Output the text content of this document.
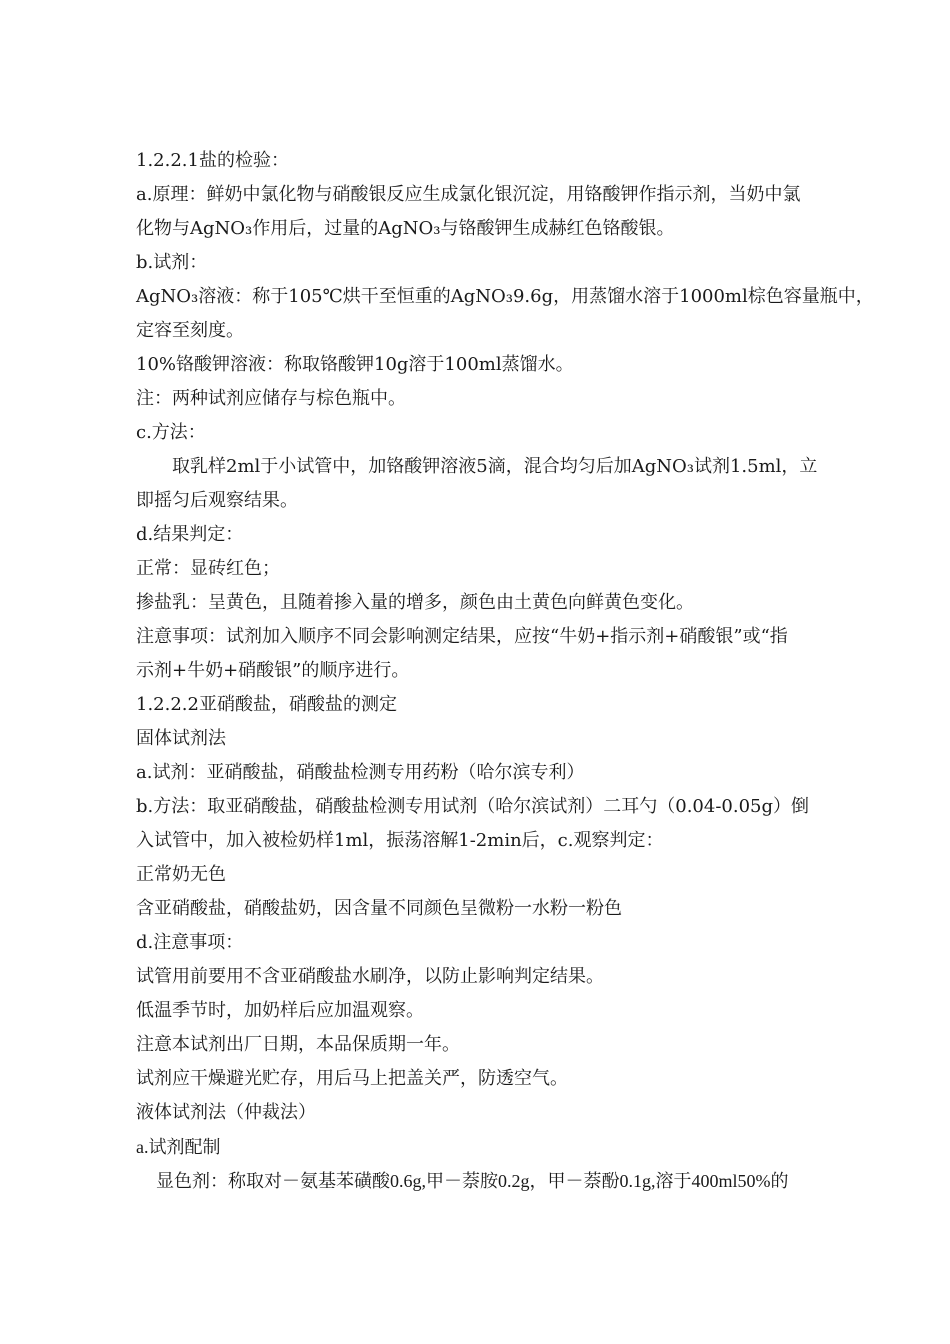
1.2.2.1盐的检验：

a.原理：鲜奶中氯化物与硝酸银反应生成氯化银沉淀，用铬酸钾作指示剂，当奶中氯

化物与AgNO₃作用后，过量的AgNO₃与铬酸钾生成赫红色铬酸银。

b.试剂：

AgNO₃溶液：称于105℃烘干至恒重的AgNO₃9.6g，用蒸馏水溶于1000ml棕色容量瓶中，

定容至刻度。

10%铬酸钾溶液：称取铬酸钾10g溶于100ml蒸馏水。

注：两种试剂应储存与棕色瓶中。

c.方法：

取乳样2ml于小试管中，加铬酸钾溶液5滴，混合均匀后加AgNO₃试剂1.5ml，立

即摇匀后观察结果。

d.结果判定：

正常：显砖红色；

掺盐乳：呈黄色，且随着掺入量的增多，颜色由土黄色向鲜黄色变化。

注意事项：试剂加入顺序不同会影响测定结果，应按“牛奶+指示剂+硝酸银”或“指

示剂+牛奶+硝酸银”的顺序进行。

1.2.2.2亚硝酸盐，硝酸盐的测定

固体试剂法

a.试剂：亚硝酸盐，硝酸盐检测专用药粉（哈尔滨专利）

b.方法：取亚硝酸盐，硝酸盐检测专用试剂（哈尔滨试剂）二耳勺（0.04-0.05g）倒

入试管中，加入被检奶样1ml，振荡溶解1-2min后，c.观察判定：

正常奶无色

含亚硝酸盐，硝酸盐奶，因含量不同颜色呈微粉一水粉一粉色

d.注意事项：

试管用前要用不含亚硝酸盐水刷净，以防止影响判定结果。

低温季节时，加奶样后应加温观察。

注意本试剂出厂日期，本品保质期一年。

试剂应干燥避光贮存，用后马上把盖关严，防透空气。

液体试剂法（仲裁法）

a.试剂配制

显色剂：称取对－氨基苯磺酸0.6g,甲－萘胺0.2g，甲－萘酚0.1g,溶于400ml50%的
